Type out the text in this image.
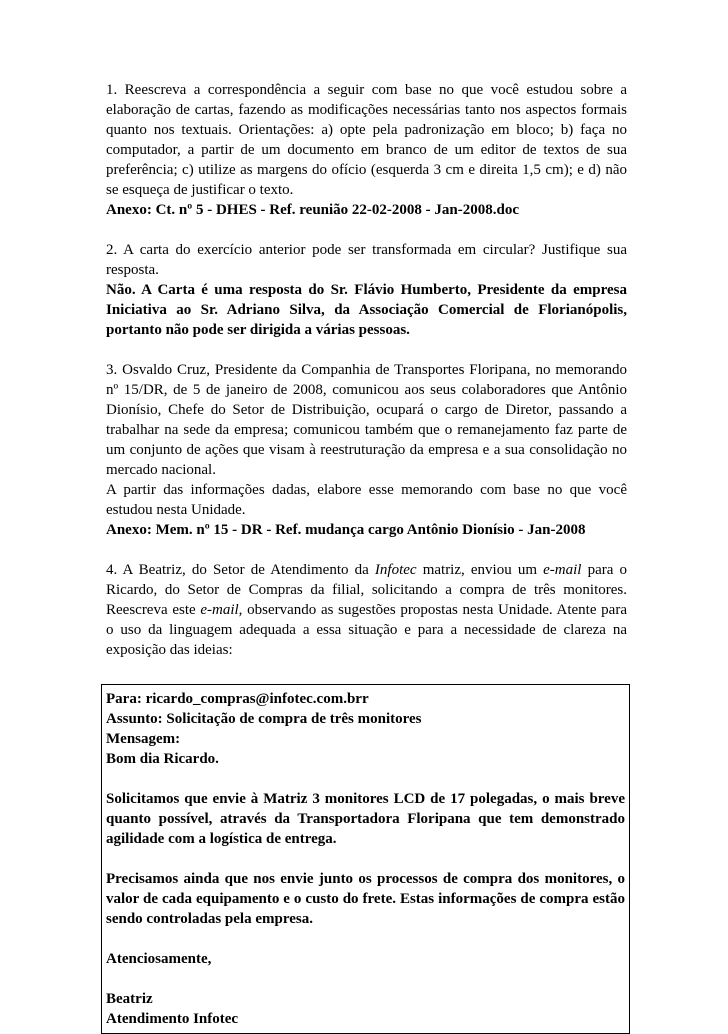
1. Reescreva a correspondência a seguir com base no que você estudou sobre a elaboração de cartas, fazendo as modificações necessárias tanto nos aspectos formais quanto nos textuais. Orientações: a) opte pela padronização em bloco; b) faça no computador, a partir de um documento em branco de um editor de textos de sua preferência; c) utilize as margens do ofício (esquerda 3 cm e direita 1,5 cm); e d) não se esqueça de justificar o texto.

Anexo: Ct. nº 5 - DHES - Ref. reunião 22-02-2008 - Jan-2008.doc

2. A carta do exercício anterior pode ser transformada em circular? Justifique sua resposta.

Não. A Carta é uma resposta do Sr. Flávio Humberto, Presidente da empresa Iniciativa ao Sr. Adriano Silva, da Associação Comercial de Florianópolis, portanto não pode ser dirigida a várias pessoas.

3. Osvaldo Cruz, Presidente da Companhia de Transportes Floripana, no memorando nº 15/DR, de 5 de janeiro de 2008, comunicou aos seus colaboradores que Antônio Dionísio, Chefe do Setor de Distribuição, ocupará o cargo de Diretor, passando a trabalhar na sede da empresa; comunicou também que o remanejamento faz parte de um conjunto de ações que visam à reestruturação da empresa e a sua consolidação no mercado nacional.

A partir das informações dadas, elabore esse memorando com base no que você estudou nesta Unidade.

Anexo: Mem. nº 15 - DR - Ref. mudança cargo Antônio Dionísio - Jan-2008

4. A Beatriz, do Setor de Atendimento da Infotec matriz, enviou um e-mail para o Ricardo, do Setor de Compras da filial, solicitando a compra de três monitores. Reescreva este e-mail, observando as sugestões propostas nesta Unidade. Atente para o uso da linguagem adequada a essa situação e para a necessidade de clareza na exposição das ideias:

Para: ricardo_compras@infotec.com.brr

Assunto: Solicitação de compra de três monitores

Mensagem:

Bom dia Ricardo.

Solicitamos que envie à Matriz 3 monitores LCD de 17 polegadas, o mais breve quanto possível, através da Transportadora Floripana que tem demonstrado agilidade com a logística de entrega.

Precisamos ainda que nos envie junto os processos de compra dos monitores, o valor de cada equipamento e o custo do frete. Estas informações de compra estão sendo controladas pela empresa.

Atenciosamente,

Beatriz

Atendimento Infotec
